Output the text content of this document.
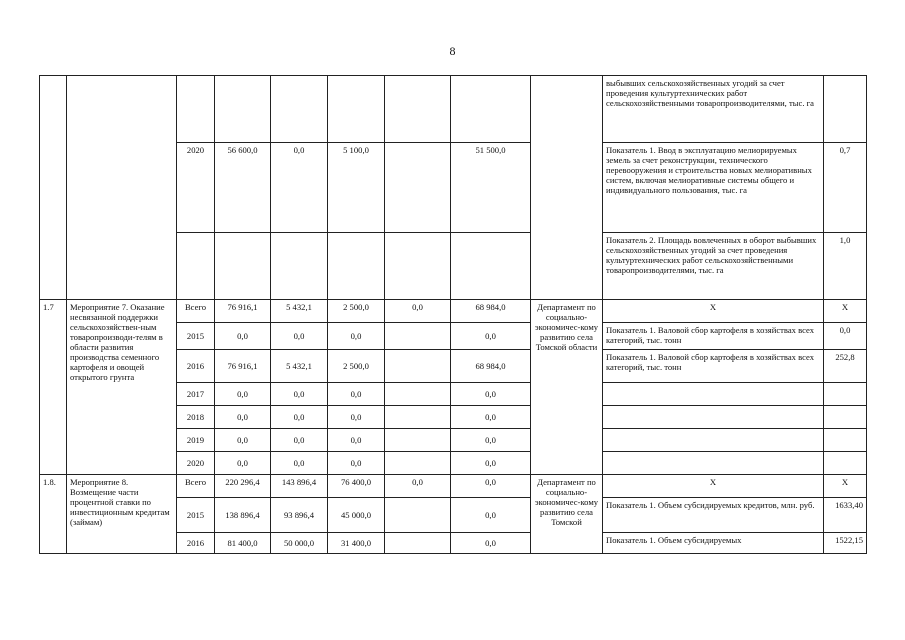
8
									выбывших сельскохозяйственных угодий за счет проведения культуртехнических работ сельскохозяйственными товаропроизводителями, тыс. га	
		2020	56 600,0	0,0	5 100,0		51 500,0		Показатель 1. Ввод в эксплуатацию мелиорируемых земель за счет реконструкции, технического перевооружения и строительства новых мелиоративных систем, включая мелиоративные системы общего и индивидуального пользования, тыс. га	0,7
									Показатель 2. Площадь вовлеченных в оборот выбывших сельскохозяйственных угодий за счет проведения культуртехнических работ сельскохозяйственными товаропроизводителями, тыс. га	1,0
1.7	Мероприятие 7. Оказание несвязанной поддержки сельскохозяйствен-ным товаропроизводи-телям в области развития производства семенного картофеля и овощей открытого грунта	Всего	76 916,1	5 432,1	2 500,0	0,0	68 984,0	Департамент по социально-экономичес-кому развитию села Томской области	Х	Х
		2015	0,0	0,0	0,0		0,0		Показатель 1. Валовой сбор картофеля в хозяйствах всех категорий, тыс. тонн	0,0
		2016	76 916,1	5 432,1	2 500,0		68 984,0		Показатель 1. Валовой сбор картофеля в хозяйствах всех категорий, тыс. тонн	252,8
		2017	0,0	0,0	0,0		0,0			
		2018	0,0	0,0	0,0		0,0			
		2019	0,0	0,0	0,0		0,0			
		2020	0,0	0,0	0,0		0,0			
1.8.	Мероприятие 8. Возмещение части процентной ставки по инвестиционным кредитам (займам)	Всего	220 296,4	143 896,4	76 400,0	0,0	0,0	Департамент по социально-экономичес-кому развитию села Томской	Х	Х
		2015	138 896,4	93 896,4	45 000,0		0,0		Показатель 1. Объем субсидируемых кредитов, млн. руб.	1633,40
		2016	81 400,0	50 000,0	31 400,0		0,0		Показатель 1. Объем субсидируемых	1522,15
